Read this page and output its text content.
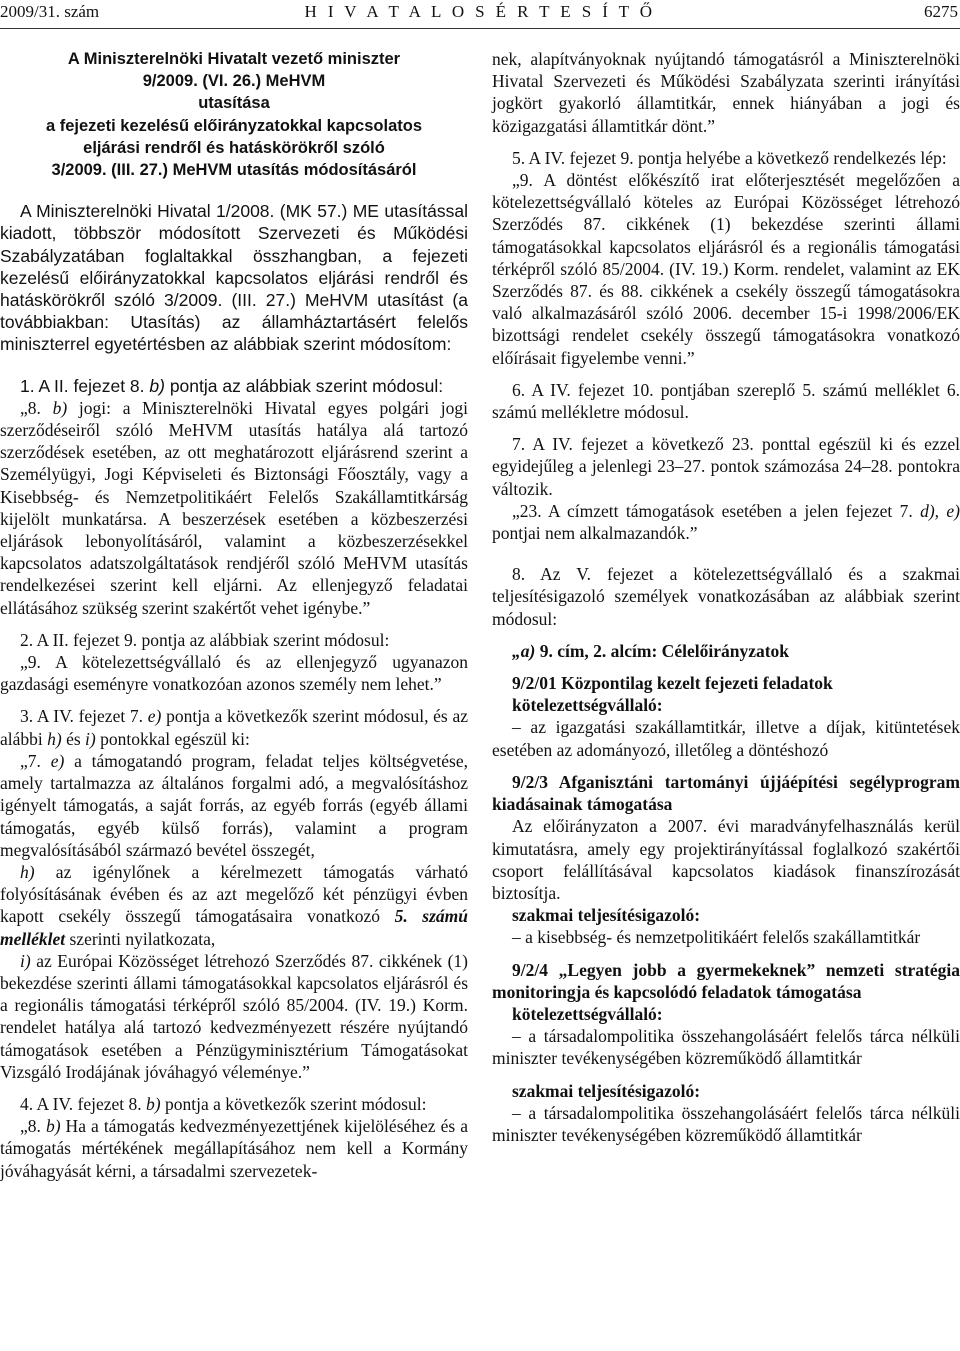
2009/31. szám	H I V A T A L O S É R T E S Í T Ő	6275

A Miniszterelnöki Hivatalt vezető miniszter

9/2009. (VI. 26.) MeHVM

utasítása

a fejezeti kezelésű előirányzatokkal kapcsolatos

eljárási rendről és hatáskörökről szóló

3/2009. (III. 27.) MeHVM utasítás módosításáról

A Miniszterelnöki Hivatal 1/2008. (MK 57.) ME utasítással kiadott, többször módosított Szervezeti és Működési Szabályzatában foglaltakkal összhangban, a fejezeti kezelésű előirányzatokkal kapcsolatos eljárási rendről és hatáskörökről szóló 3/2009. (III. 27.) MeHVM utasítást (a továbbiakban: Utasítás) az államháztartásért felelős miniszterrel egyetértésben az alábbiak szerint módosítom:

1. A II. fejezet 8. b) pontja az alábbiak szerint módosul:

„8. b) jogi: a Miniszterelnöki Hivatal egyes polgári jogi szerződéseiről szóló MeHVM utasítás hatálya alá tartozó szerződések esetében, az ott meghatározott eljárásrend szerint a Személyügyi, Jogi Képviseleti és Biztonsági Főosztály, vagy a Kisebbség- és Nemzetpolitikáért Felelős Szakállamtitkárság kijelölt munkatársa. A beszerzések esetében a közbeszerzési eljárások lebonyolításáról, valamint a közbeszerzésekkel kapcsolatos adatszolgáltatások rendjéről szóló MeHVM utasítás rendelkezései szerint kell eljárni. Az ellenjegyző feladatai ellátásához szükség szerint szakértőt vehet igénybe.”

2. A II. fejezet 9. pontja az alábbiak szerint módosul:

„9. A kötelezettségvállaló és az ellenjegyző ugyanazon gazdasági eseményre vonatkozóan azonos személy nem lehet.”

3. A IV. fejezet 7. e) pontja a következők szerint módosul, és az alábbi h) és i) pontokkal egészül ki:

„7. e) a támogatandó program, feladat teljes költségvetése, amely tartalmazza az általános forgalmi adó, a megvalósításhoz igényelt támogatás, a saját forrás, az egyéb forrás (egyéb állami támogatás, egyéb külső forrás), valamint a program megvalósításából származó bevétel összegét,

h) az igénylőnek a kérelmezett támogatás várható folyósításának évében és az azt megelőző két pénzügyi évben kapott csekély összegű támogatásaira vonatkozó 5. számú melléklet szerinti nyilatkozata,

i) az Európai Közösséget létrehozó Szerződés 87. cikkének (1) bekezdése szerinti állami támogatásokkal kapcsolatos eljárásról és a regionális támogatási térképről szóló 85/2004. (IV. 19.) Korm. rendelet hatálya alá tartozó kedvezményezett részére nyújtandó támogatások esetében a Pénzügyminisztérium Támogatásokat Vizsgáló Irodájának jóváhagyó véleménye.”

4. A IV. fejezet 8. b) pontja a következők szerint módosul:

„8. b) Ha a támogatás kedvezményezettjének kijelöléséhez és a támogatás mértékének megállapításához nem kell a Kormány jóváhagyását kérni, a társadalmi szervezetek-

nek, alapítványoknak nyújtandó támogatásról a Miniszterelnöki Hivatal Szervezeti és Működési Szabályzata szerinti irányítási jogkört gyakorló államtitkár, ennek hiányában a jogi és közigazgatási államtitkár dönt.”

5. A IV. fejezet 9. pontja helyébe a következő rendelkezés lép:

„9. A döntést előkészítő irat előterjesztését megelőzően a kötelezettségvállaló köteles az Európai Közösséget létrehozó Szerződés 87. cikkének (1) bekezdése szerinti állami támogatásokkal kapcsolatos eljárásról és a regionális támogatási térképről szóló 85/2004. (IV. 19.) Korm. rendelet, valamint az EK Szerződés 87. és 88. cikkének a csekély összegű támogatásokra való alkalmazásáról szóló 2006. december 15-i 1998/2006/EK bizottsági rendelet csekély összegű támogatásokra vonatkozó előírásait figyelembe venni.”

6. A IV. fejezet 10. pontjában szereplő 5. számú melléklet 6. számú mellékletre módosul.

7. A IV. fejezet a következő 23. ponttal egészül ki és ezzel egyidejűleg a jelenlegi 23–27. pontok számozása 24–28. pontokra változik.

„23. A címzett támogatások esetében a jelen fejezet 7. d), e) pontjai nem alkalmazandók.”

8. Az V. fejezet a kötelezettségvállaló és a szakmai teljesítésigazoló személyek vonatkozásában az alábbiak szerint módosul:

„a) 9. cím, 2. alcím: Célelőirányzatok

9/2/01 Központilag kezelt fejezeti feladatok

kötelezettségvállaló:

– az igazgatási szakállamtitkár, illetve a díjak, kitüntetések esetében az adományozó, illetőleg a döntéshozó

9/2/3 Afganisztáni tartományi újjáépítési segélyprogram kiadásainak támogatása

Az előirányzaton a 2007. évi maradványfelhasználás kerül kimutatásra, amely egy projektirányítással foglalkozó szakértői csoport felállításával kapcsolatos kiadások finanszírozását biztosítja.

szakmai teljesítésigazoló:

– a kisebbség- és nemzetpolitikáért felelős szakállamtitkár

9/2/4 „Legyen jobb a gyermekeknek” nemzeti stratégia monitoringja és kapcsolódó feladatok támogatása

kötelezettségvállaló:

– a társadalompolitika összehangolásáért felelős tárca nélküli miniszter tevékenységében közreműködő államtitkár

szakmai teljesítésigazoló:

– a társadalompolitika összehangolásáért felelős tárca nélküli miniszter tevékenységében közreműködő államtitkár
